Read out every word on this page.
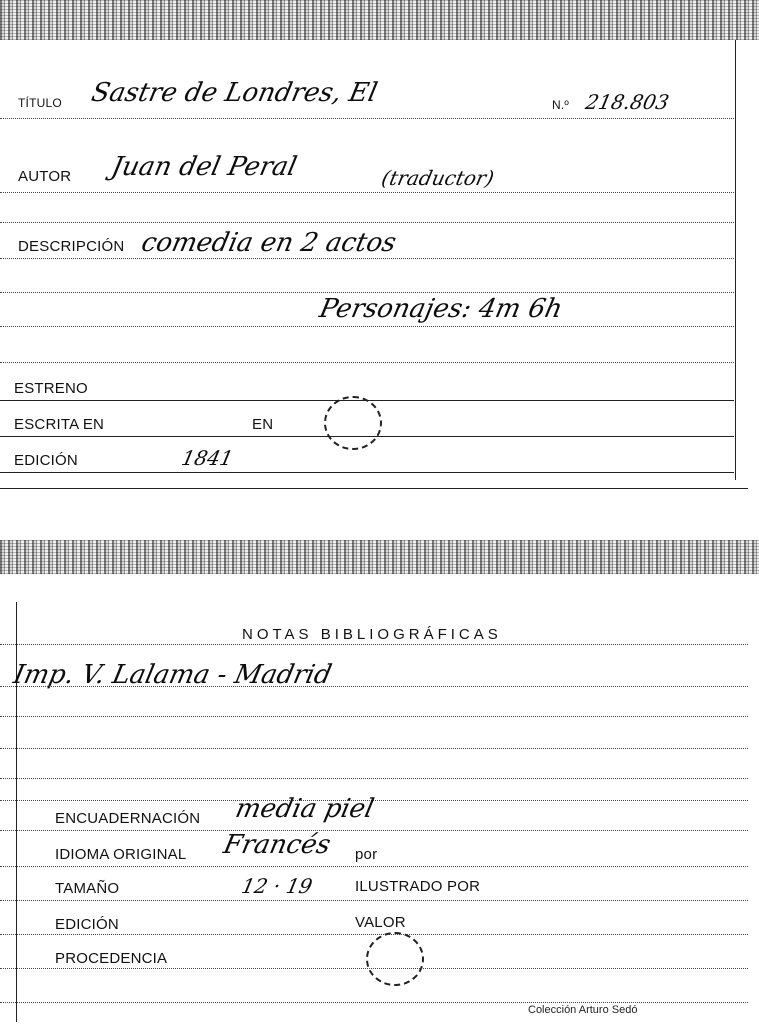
TÍTULO Sastre de Londres, El	N.º 218.803
AUTOR Juan del Peral	(traductor)
DESCRIPCIÓN comedia en 2 actos
Personajes: 4m 6h
ESTRENO
ESCRITA EN	EN
EDICIÓN	1841
NOTAS BIBLIOGRÁFICAS
Imp. V. Lalama - Madrid
ENCUADERNACIÓN media piel
IDIOMA ORIGINAL Francés por
TAMAÑO	12 · 19	ILUSTRADO POR
EDICIÓN	VALOR
PROCEDENCIA
Colección Arturo Sedó
